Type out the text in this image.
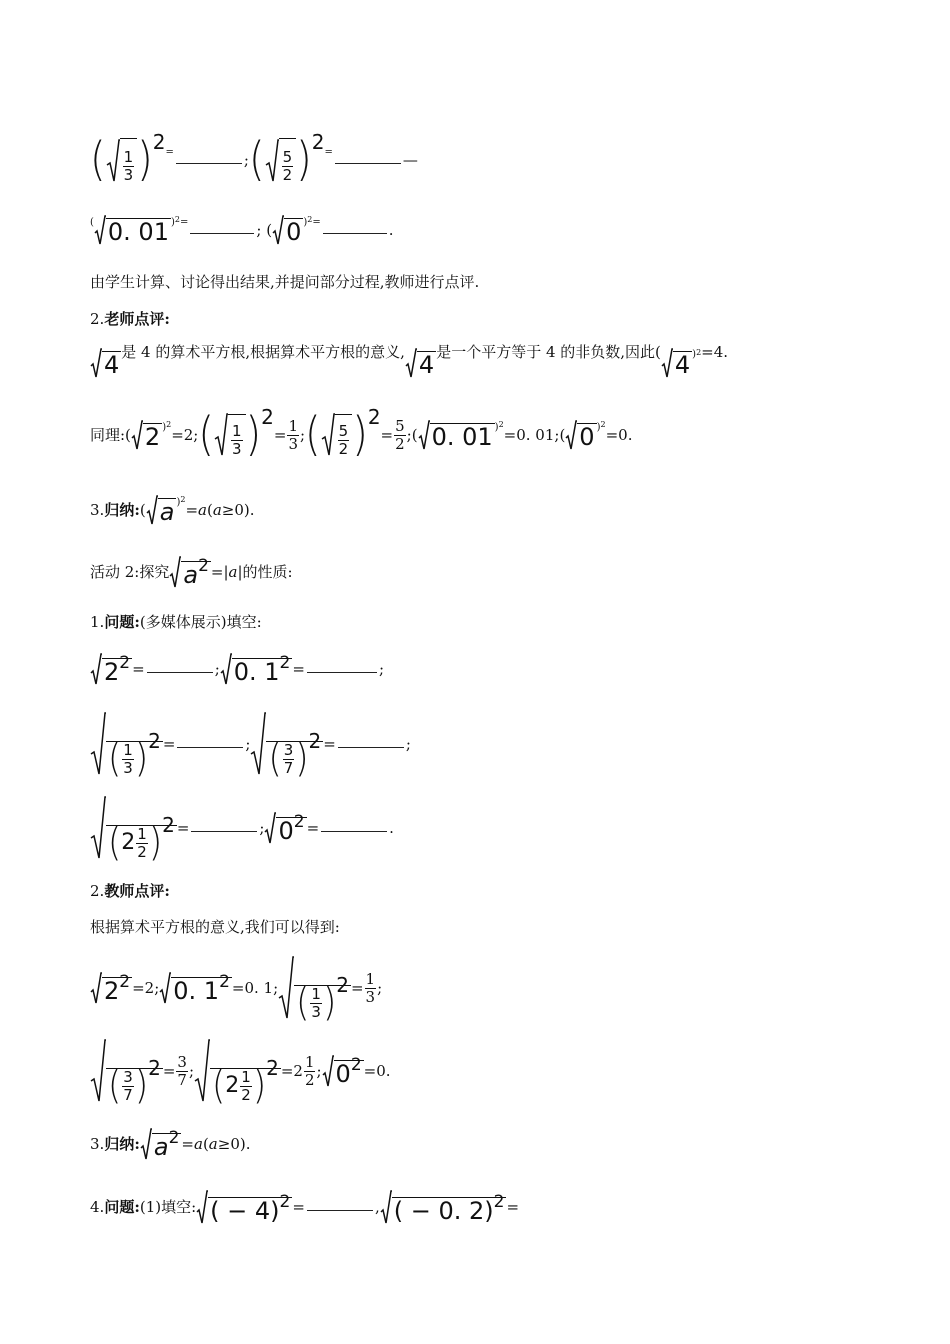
( $\frac{1}{3}$ ) 2 =	; ( $\frac{5}{2}$ ) 2 =	—
( 0. 01 ) 2 =	; ( 0 ) 2 =	.
由学生计算、讨论得出结果,并提问部分过程,教师进行点评.
2. 老师点评:
4 是 4 的算术平方根,根据算术平方根的意义, 4 是一个平方等于 4 的非负数,因此( 4 ) 2 =4.
同理:( 2 ) 2
=2; ( $\frac{1}{3}$ ) 2
= $\frac{1}{3}$ ; ( $\frac{5}{2}$ ) 2
= $\frac{5}{2}$ ;( 0. 01 ) 2
=0. 01;( 0 ) 2
=0.
3. 归纳: ( a ) 2
= a ( a ≥0).
活动 2:探究 $a^2$ =| a |的性质:
1. 问题: (多媒体展示)填空:
$2^2$ =	; 0. $1^2$ =	;
( $\frac{1}{3}$ ) 2 =	; ( $\frac{3}{7}$ ) 2 =	;
( $2 \frac{1}{2}$ ) 2 =	; $0^2$ =	.
2. 教师点评:
根据算术平方根的意义,我们可以得到:
$2^2 =2$; 0. $1^2 =0$. 1; ( $\frac{1}{3}$ ) $2 = \frac{1}{3}$ ;
( $\frac{3}{7}$ ) $2 = \frac{3}{7}$ ; ( $2 \frac{1}{2}$ ) $2 =2 \frac{1}{2}$ ; $0^2 =0$.
3. 归纳: $a^2 = a$ ( a ≥0).
4. 问题: (1)填空: ( − 4)$^2$ =	, ( − 0. 2)$^2$ =
